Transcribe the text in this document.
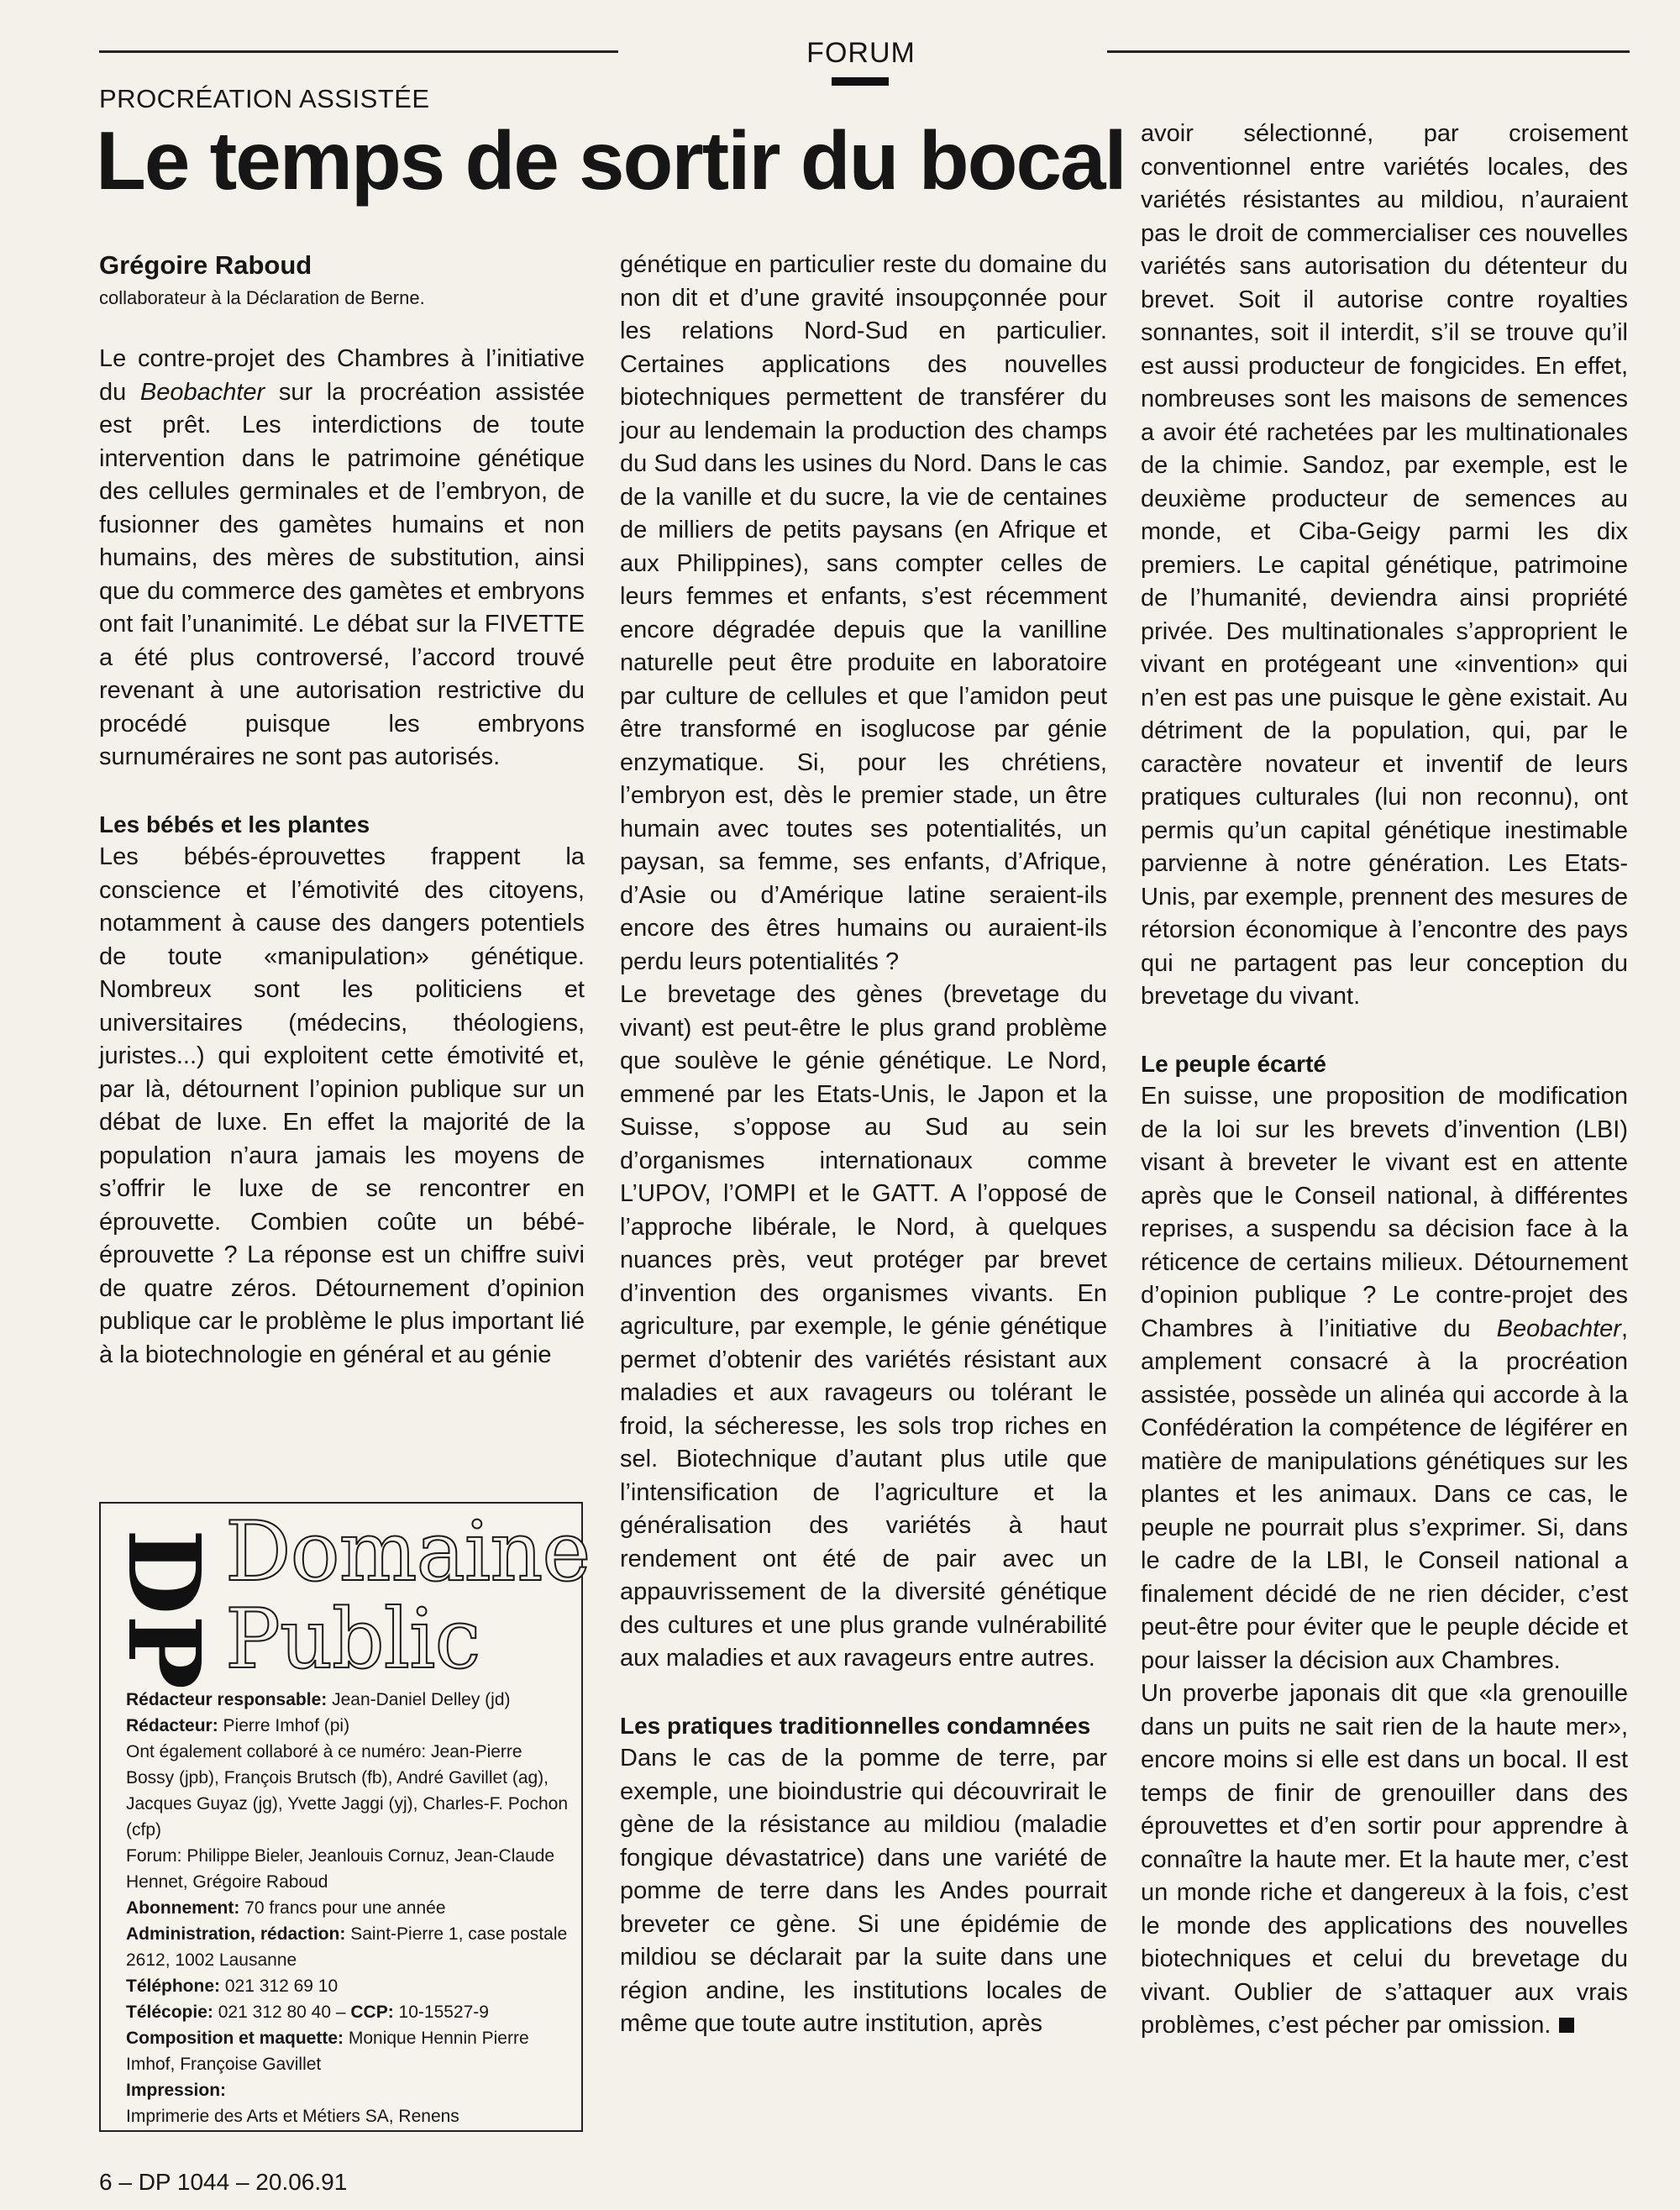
FORUM
PROCRÉATION ASSISTÉE
Le temps de sortir du bocal
Grégoire Raboud
collaborateur à la Déclaration de Berne.

Le contre-projet des Chambres à l’initiative du Beobachter sur la procréation assistée est prêt. Les interdictions de toute intervention dans le patrimoine génétique des cellules germinales et de l’embryon, de fusionner des gamètes humains et non humains, des mères de substitution, ainsi que du commerce des gamètes et embryons ont fait l’unanimité. Le débat sur la FIVETTE a été plus controversé, l’accord trouvé revenant à une autorisation restrictive du procédé puisque les embryons surnuméraires ne sont pas autorisés.

Les bébés et les plantes

Les bébés-éprouvettes frappent la conscience et l’émotivité des citoyens, notamment à cause des dangers potentiels de toute «manipulation» génétique. Nombreux sont les politiciens et universitaires (médecins, théologiens, juristes...) qui exploitent cette émotivité et, par là, détournent l’opinion publique sur un débat de luxe. En effet la majorité de la population n’aura jamais les moyens de s’offrir le luxe de se rencontrer en éprouvette. Combien coûte un bébé-éprouvette ? La réponse est un chiffre suivi de quatre zéros. Détournement d’opinion publique car le problème le plus important lié à la biotechnologie en général et au génie

génétique en particulier reste du domaine du non dit et d’une gravité insoupçonnée pour les relations Nord-Sud en particulier. Certaines applications des nouvelles biotechniques permettent de transférer du jour au lendemain la production des champs du Sud dans les usines du Nord. Dans le cas de la vanille et du sucre, la vie de centaines de milliers de petits paysans (en Afrique et aux Philippines), sans compter celles de leurs femmes et enfants, s’est récemment encore dégradée depuis que la vanilline naturelle peut être produite en laboratoire par culture de cellules et que l’amidon peut être transformé en isoglucose par génie enzymatique. Si, pour les chrétiens, l’embryon est, dès le premier stade, un être humain avec toutes ses potentialités, un paysan, sa femme, ses enfants, d’Afrique, d’Asie ou d’Amérique latine seraient-ils encore des êtres humains ou auraient-ils perdu leurs potentialités ?

Le brevetage des gènes (brevetage du vivant) est peut-être le plus grand problème que soulève le génie génétique. Le Nord, emmené par les Etats-Unis, le Japon et la Suisse, s’oppose au Sud au sein d’organismes internationaux comme L’UPOV, l’OMPI et le GATT. A l’opposé de l’approche libérale, le Nord, à quelques nuances près, veut protéger par brevet d’invention des organismes vivants. En agriculture, par exemple, le génie génétique permet d’obtenir des variétés résistant aux maladies et aux ravageurs ou tolérant le froid, la sécheresse, les sols trop riches en sel. Biotechnique d’autant plus utile que l’intensification de l’agriculture et la généralisation des variétés à haut rendement ont été de pair avec un appauvrissement de la diversité génétique des cultures et une plus grande vulnérabilité aux maladies et aux ravageurs entre autres.

Les pratiques traditionnelles condamnées

Dans le cas de la pomme de terre, par exemple, une bioindustrie qui découvrirait le gène de la résistance au mildiou (maladie fongique dévastatrice) dans une variété de pomme de terre dans les Andes pourrait breveter ce gène. Si une épidémie de mildiou se déclarait par la suite dans une région andine, les institutions locales de même que toute autre institution, après

avoir sélectionné, par croisement conventionnel entre variétés locales, des variétés résistantes au mildiou, n’auraient pas le droit de commercialiser ces nouvelles variétés sans autorisation du détenteur du brevet. Soit il autorise contre royalties sonnantes, soit il interdit, s’il se trouve qu’il est aussi producteur de fongicides. En effet, nombreuses sont les maisons de semences a avoir été rachetées par les multinationales de la chimie. Sandoz, par exemple, est le deuxième producteur de semences au monde, et Ciba-Geigy parmi les dix premiers. Le capital génétique, patrimoine de l’humanité, deviendra ainsi propriété privée. Des multinationales s’approprient le vivant en protégeant une «invention» qui n’en est pas une puisque le gène existait. Au détriment de la population, qui, par le caractère novateur et inventif de leurs pratiques culturales (lui non reconnu), ont permis qu’un capital génétique inestimable parvienne à notre génération. Les Etats-Unis, par exemple, prennent des mesures de rétorsion économique à l’encontre des pays qui ne partagent pas leur conception du brevetage du vivant.

Le peuple écarté

En suisse, une proposition de modification de la loi sur les brevets d’invention (LBI) visant à breveter le vivant est en attente après que le Conseil national, à différentes reprises, a suspendu sa décision face à la réticence de certains milieux. Détournement d’opinion publique ? Le contre-projet des Chambres à l’initiative du Beobachter, amplement consacré à la procréation assistée, possède un alinéa qui accorde à la Confédération la compétence de légiférer en matière de manipulations génétiques sur les plantes et les animaux. Dans ce cas, le peuple ne pourrait plus s’exprimer. Si, dans le cadre de la LBI, le Conseil national a finalement décidé de ne rien décider, c’est peut-être pour éviter que le peuple décide et pour laisser la décision aux Chambres.

Un proverbe japonais dit que «la grenouille dans un puits ne sait rien de la haute mer», encore moins si elle est dans un bocal. Il est temps de finir de grenouiller dans des éprouvettes et d’en sortir pour apprendre à connaître la haute mer. Et la haute mer, c’est un monde riche et dangereux à la fois, c’est le monde des applications des nouvelles biotechniques et celui du brevetage du vivant. Oublier de s’attaquer aux vrais problèmes, c’est pécher par omission.

DP Domaine
Public
Rédacteur responsable: Jean-Daniel Delley (jd)
Rédacteur: Pierre Imhof (pi)
Ont également collaboré à ce numéro: Jean-Pierre Bossy (jpb), François Brutsch (fb), André Gavillet (ag), Jacques Guyaz (jg), Yvette Jaggi (yj), Charles-F. Pochon (cfp)
Forum: Philippe Bieler, Jeanlouis Cornuz, Jean-Claude Hennet, Grégoire Raboud
Abonnement: 70 francs pour une année
Administration, rédaction: Saint-Pierre 1, case postale 2612, 1002 Lausanne
Téléphone: 021 312 69 10
Télécopie: 021 312 80 40 – CCP: 10-15527-9
Composition et maquette: Monique Hennin Pierre Imhof, Françoise Gavillet
Impression:
Imprimerie des Arts et Métiers SA, Renens
6 – DP 1044 – 20.06.91
